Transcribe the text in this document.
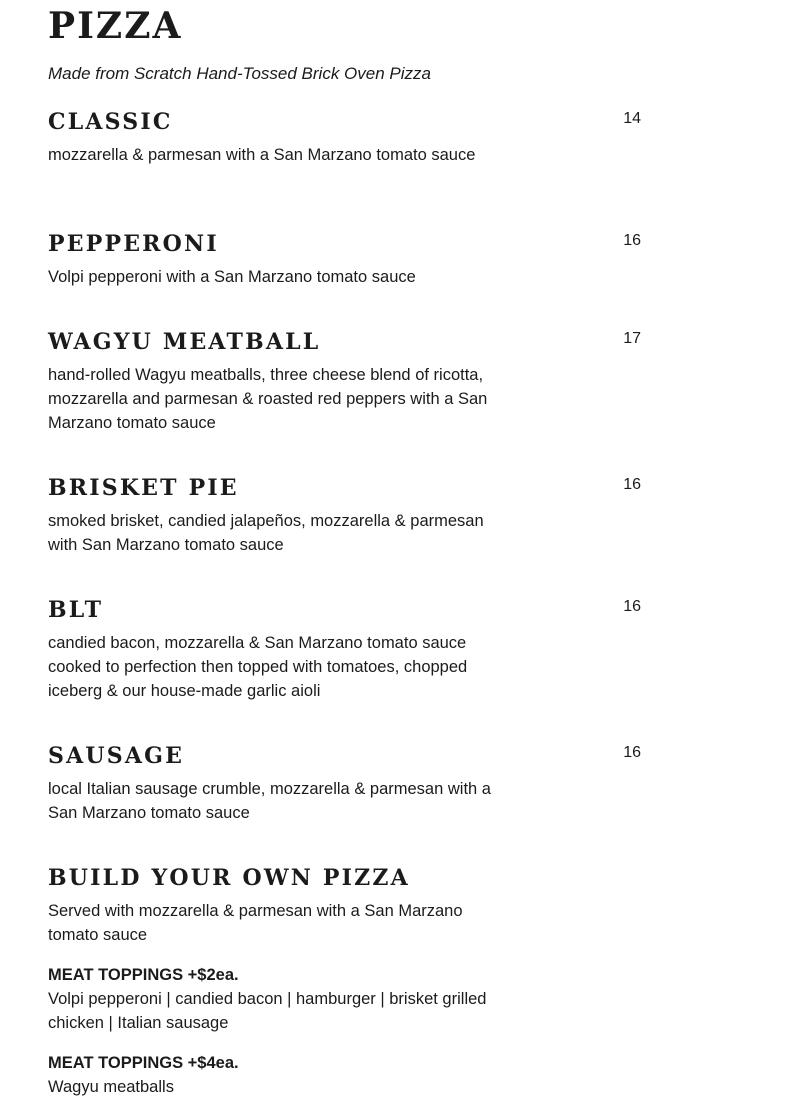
PIZZA

Made from Scratch Hand-Tossed Brick Oven Pizza

CLASSIC	14

mozzarella & parmesan with a San Marzano tomato sauce

PEPPERONI	16

Volpi pepperoni with a San Marzano tomato sauce

WAGYU MEATBALL	17

hand-rolled Wagyu meatballs, three cheese blend of ricotta, mozzarella and parmesan & roasted red peppers with a San Marzano tomato sauce

BRISKET PIE	16

smoked brisket, candied jalapeños, mozzarella & parmesan with San Marzano tomato sauce

BLT	16

candied bacon, mozzarella & San Marzano tomato sauce cooked to perfection then topped with tomatoes, chopped iceberg & our house-made garlic aioli

SAUSAGE	16

local Italian sausage crumble, mozzarella & parmesan with a San Marzano tomato sauce

BUILD YOUR OWN PIZZA

Served with mozzarella & parmesan with a San Marzano tomato sauce

MEAT TOPPINGS +$2ea.

Volpi pepperoni | candied bacon | hamburger | brisket grilled chicken | Italian sausage

MEAT TOPPINGS +$4ea.

Wagyu meatballs
